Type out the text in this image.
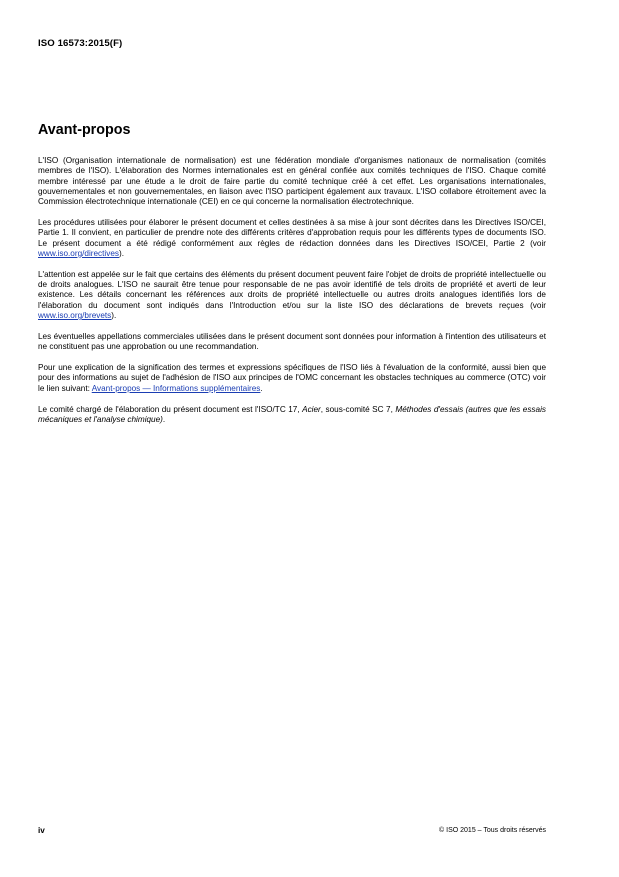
ISO 16573:2015(F)
Avant-propos

L'ISO (Organisation internationale de normalisation) est une fédération mondiale d'organismes nationaux de normalisation (comités membres de l'ISO). L'élaboration des Normes internationales est en général confiée aux comités techniques de l'ISO. Chaque comité membre intéressé par une étude a le droit de faire partie du comité technique créé à cet effet. Les organisations internationales, gouvernementales et non gouvernementales, en liaison avec l'ISO participent également aux travaux. L'ISO collabore étroitement avec la Commission électrotechnique internationale (CEI) en ce qui concerne la normalisation électrotechnique.

Les procédures utilisées pour élaborer le présent document et celles destinées à sa mise à jour sont décrites dans les Directives ISO/CEI, Partie 1. Il convient, en particulier de prendre note des différents critères d'approbation requis pour les différents types de documents ISO. Le présent document a été rédigé conformément aux règles de rédaction données dans les Directives ISO/CEI, Partie 2 (voir www.iso.org/directives).

L'attention est appelée sur le fait que certains des éléments du présent document peuvent faire l'objet de droits de propriété intellectuelle ou de droits analogues. L'ISO ne saurait être tenue pour responsable de ne pas avoir identifié de tels droits de propriété et averti de leur existence. Les détails concernant les références aux droits de propriété intellectuelle ou autres droits analogues identifiés lors de l'élaboration du document sont indiqués dans l'Introduction et/ou sur la liste ISO des déclarations de brevets reçues (voir www.iso.org/brevets).

Les éventuelles appellations commerciales utilisées dans le présent document sont données pour information à l'intention des utilisateurs et ne constituent pas une approbation ou une recommandation.

Pour une explication de la signification des termes et expressions spécifiques de l'ISO liés à l'évaluation de la conformité, aussi bien que pour des informations au sujet de l'adhésion de l'ISO aux principes de l'OMC concernant les obstacles techniques au commerce (OTC) voir le lien suivant: Avant-propos — Informations supplémentaires.

Le comité chargé de l'élaboration du présent document est l'ISO/TC 17, Acier, sous-comité SC 7, Méthodes d'essais (autres que les essais mécaniques et l'analyse chimique).

iv	© ISO 2015 – Tous droits réservés
